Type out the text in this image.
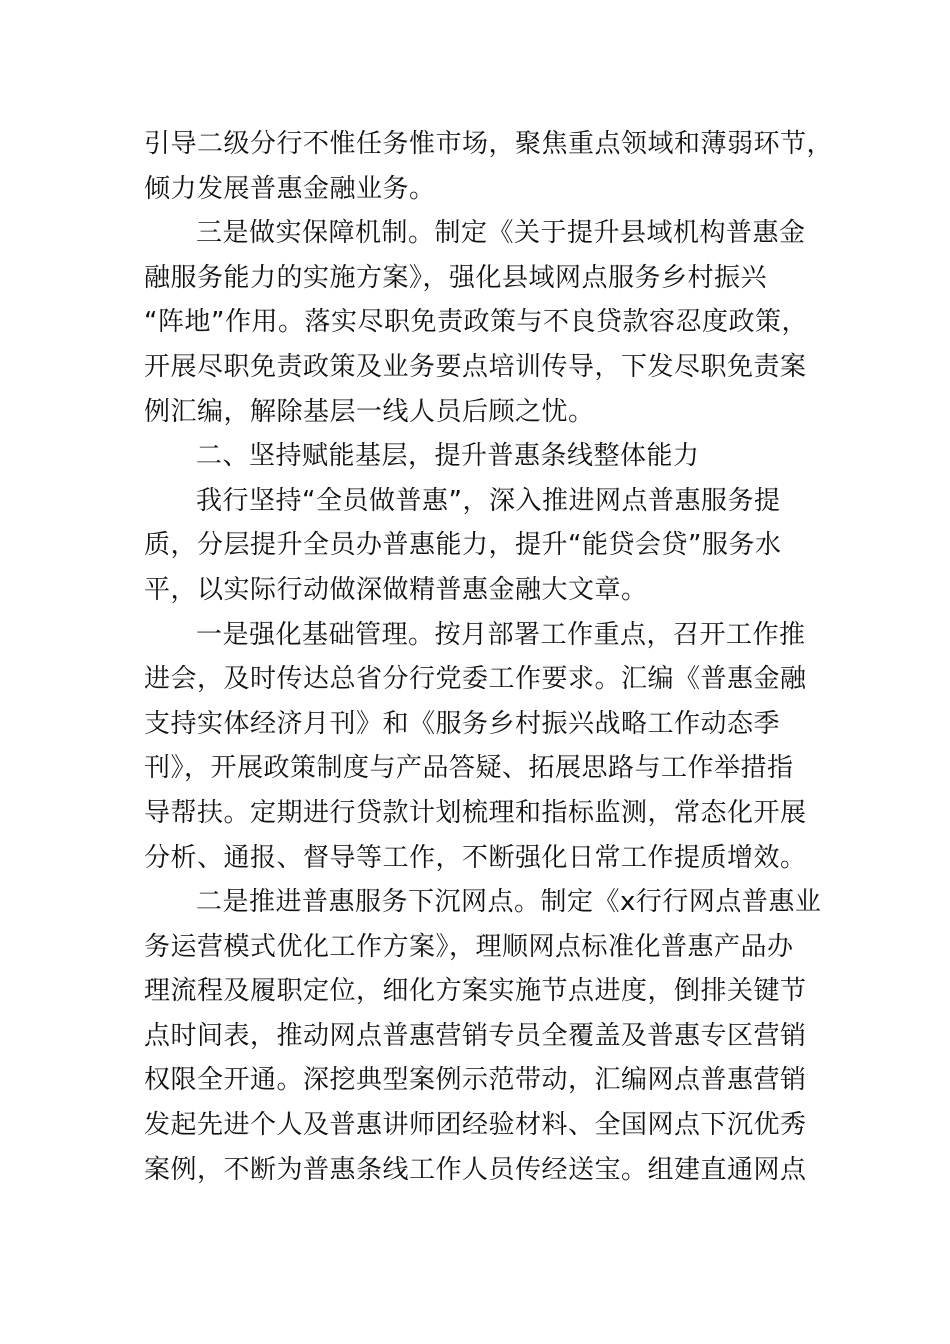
引导二级分行不惟任务惟市场，聚焦重点领域和薄弱环节，
倾力发展普惠金融业务。
三是做实保障机制。制定《关于提升县域机构普惠金
融服务能力的实施方案》，强化县域网点服务乡村振兴
“阵地”作用。落实尽职免责政策与不良贷款容忍度政策，
开展尽职免责政策及业务要点培训传导，下发尽职免责案
例汇编，解除基层一线人员后顾之忧。
二、坚持赋能基层，提升普惠条线整体能力
我行坚持“全员做普惠”，深入推进网点普惠服务提
质，分层提升全员办普惠能力，提升“能贷会贷”服务水
平，以实际行动做深做精普惠金融大文章。
一是强化基础管理。按月部署工作重点，召开工作推
进会，及时传达总省分行党委工作要求。汇编《普惠金融
支持实体经济月刊》和《服务乡村振兴战略工作动态季
刊》，开展政策制度与产品答疑、拓展思路与工作举措指
导帮扶。定期进行贷款计划梳理和指标监测，常态化开展
分析、通报、督导等工作，不断强化日常工作提质增效。
二是推进普惠服务下沉网点。制定《x行行网点普惠业
务运营模式优化工作方案》，理顺网点标准化普惠产品办
理流程及履职定位，细化方案实施节点进度，倒排关键节
点时间表，推动网点普惠营销专员全覆盖及普惠专区营销
权限全开通。深挖典型案例示范带动，汇编网点普惠营销
发起先进个人及普惠讲师团经验材料、全国网点下沉优秀
案例，不断为普惠条线工作人员传经送宝。组建直通网点
